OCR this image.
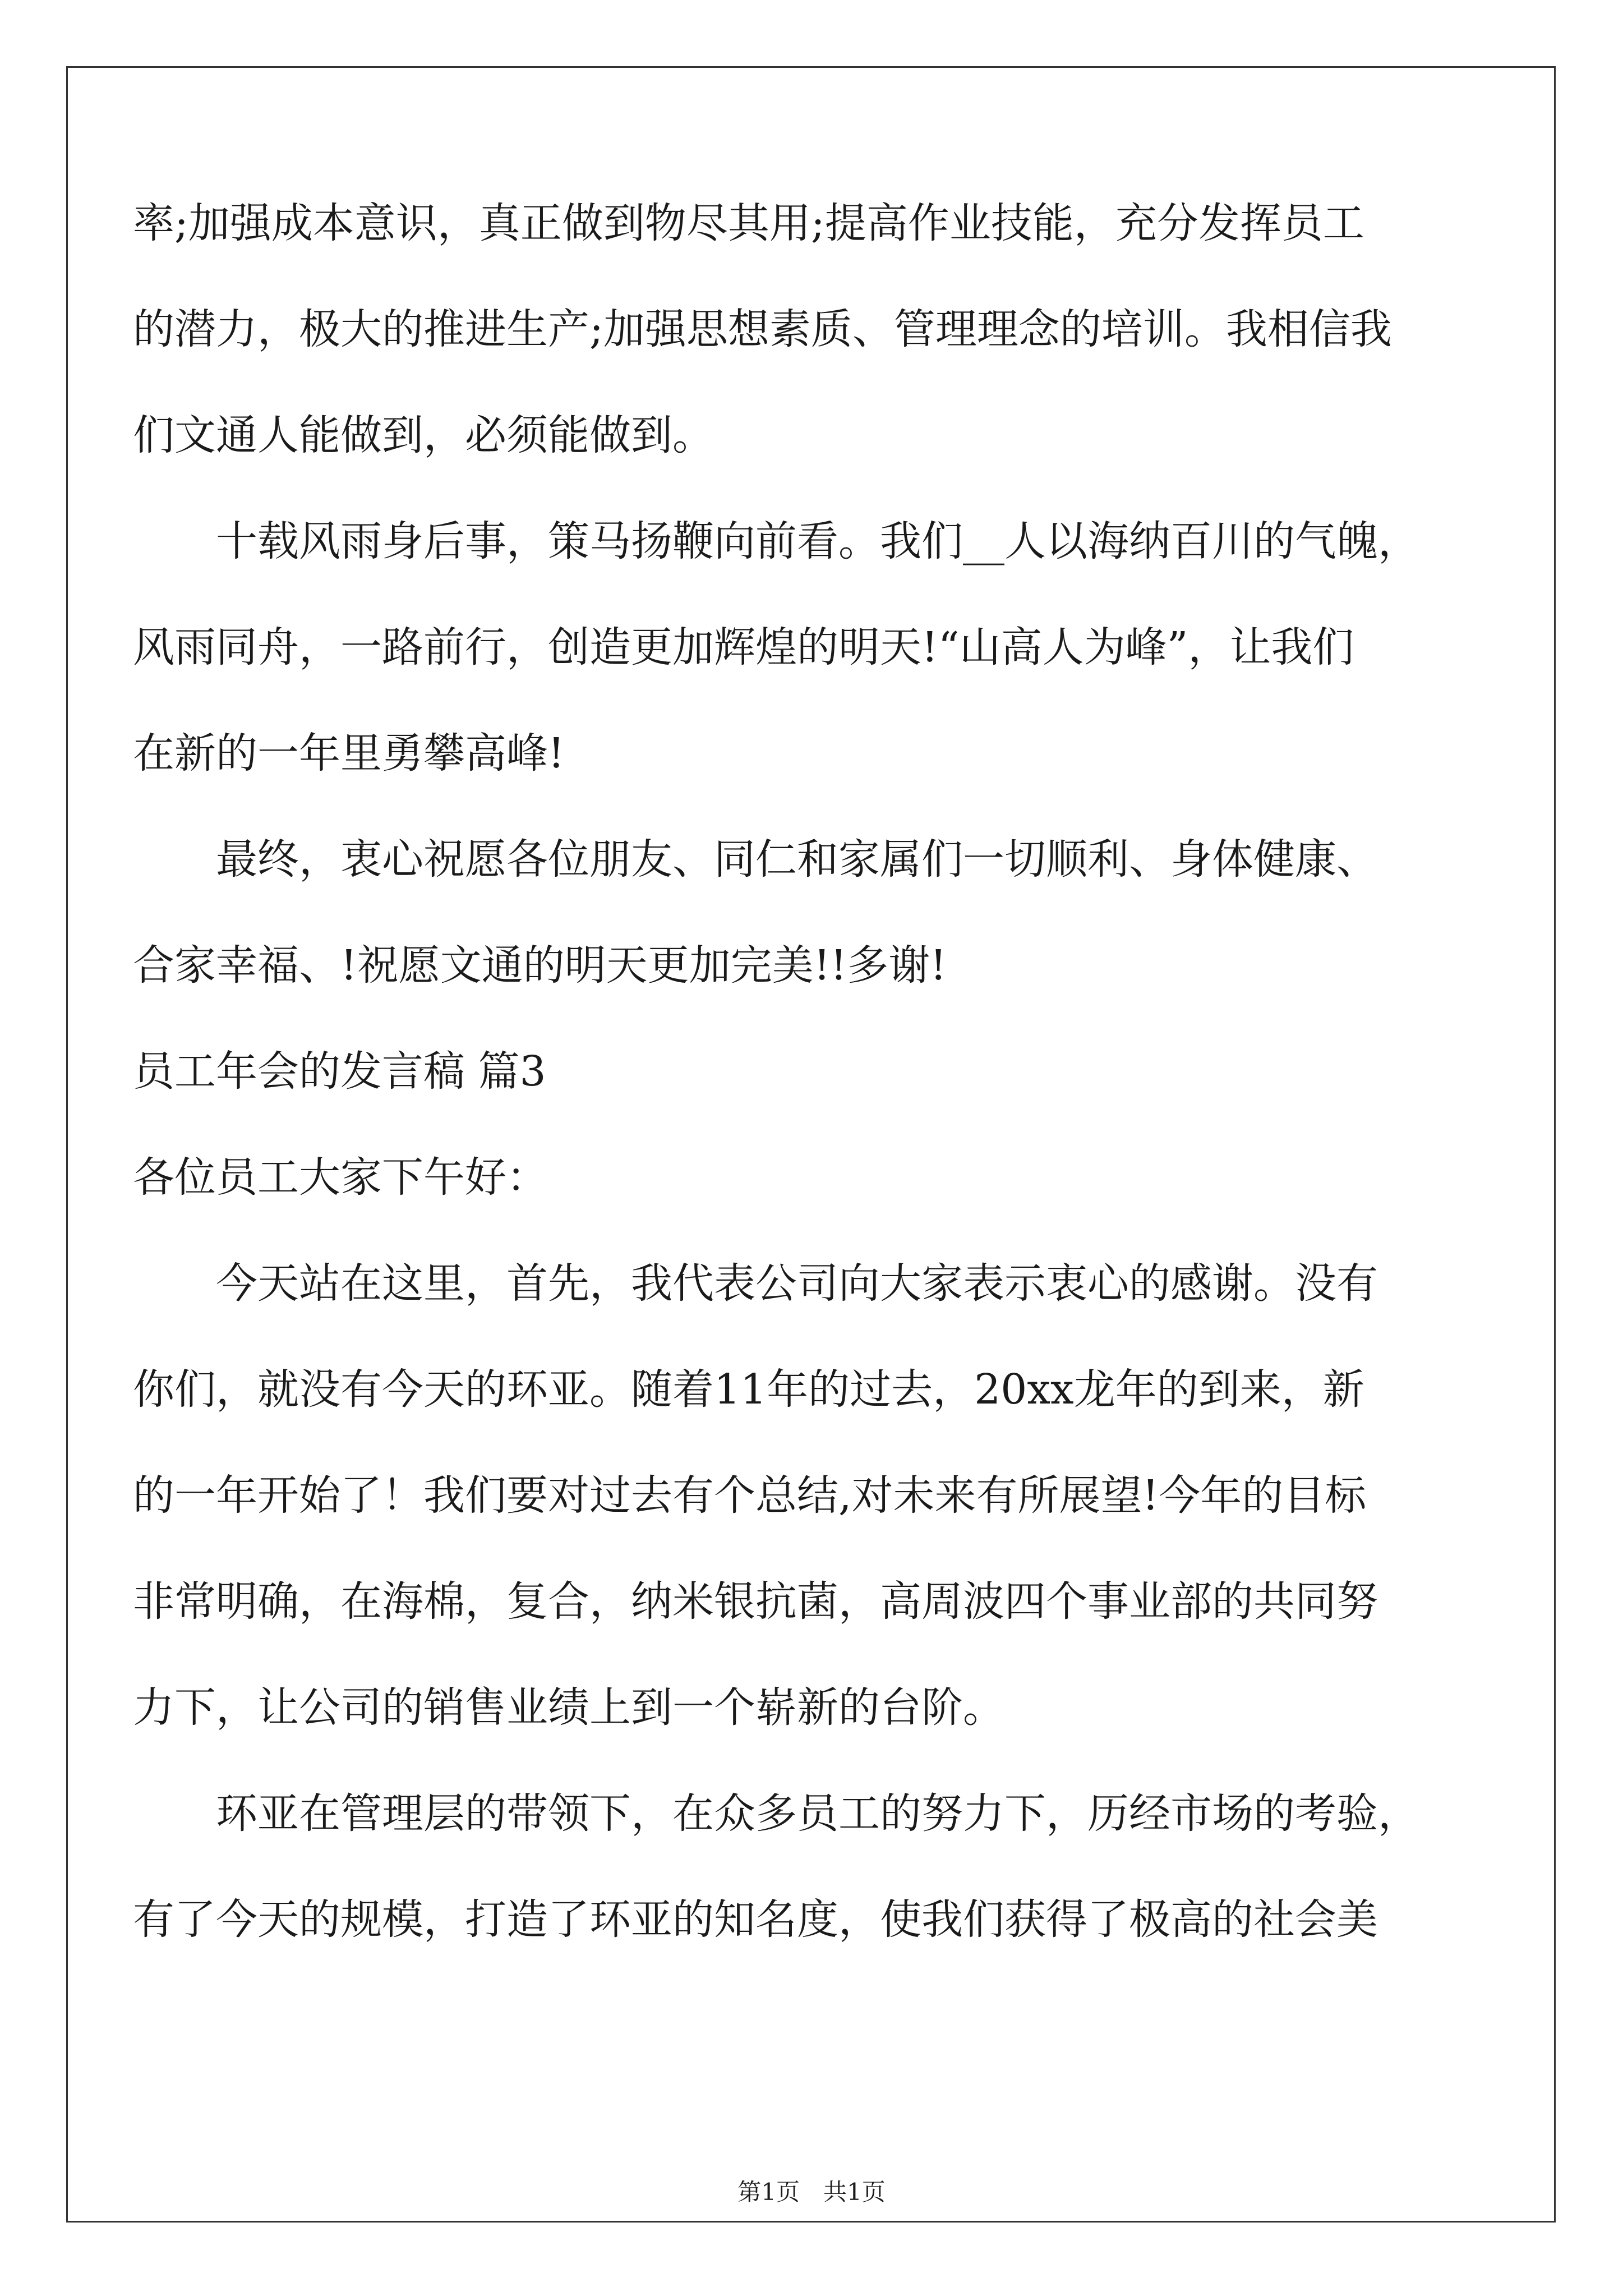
率;加强成本意识，真正做到物尽其用;提高作业技能，充分发挥员工
的潜力，极大的推进生产;加强思想素质、管理理念的培训。我相信我
们文通人能做到，必须能做到。
　　十载风雨身后事，策马扬鞭向前看。我们__人以海纳百川的气魄，
风雨同舟，一路前行，创造更加辉煌的明天!“山高人为峰”，让我们
在新的一年里勇攀高峰!
　　最终，衷心祝愿各位朋友、同仁和家属们一切顺利、身体健康、
合家幸福、!祝愿文通的明天更加完美!!多谢!
员工年会的发言稿 篇3
各位员工大家下午好：
　　今天站在这里，首先，我代表公司向大家表示衷心的感谢。没有
你们，就没有今天的环亚。随着11年的过去，20xx龙年的到来，新
的一年开始了！我们要对过去有个总结,对未来有所展望!今年的目标
非常明确，在海棉，复合，纳米银抗菌，高周波四个事业部的共同努
力下，让公司的销售业绩上到一个崭新的台阶。
　　环亚在管理层的带领下，在众多员工的努力下，历经市场的考验，
有了今天的规模，打造了环亚的知名度，使我们获得了极高的社会美
第1页　共1页
